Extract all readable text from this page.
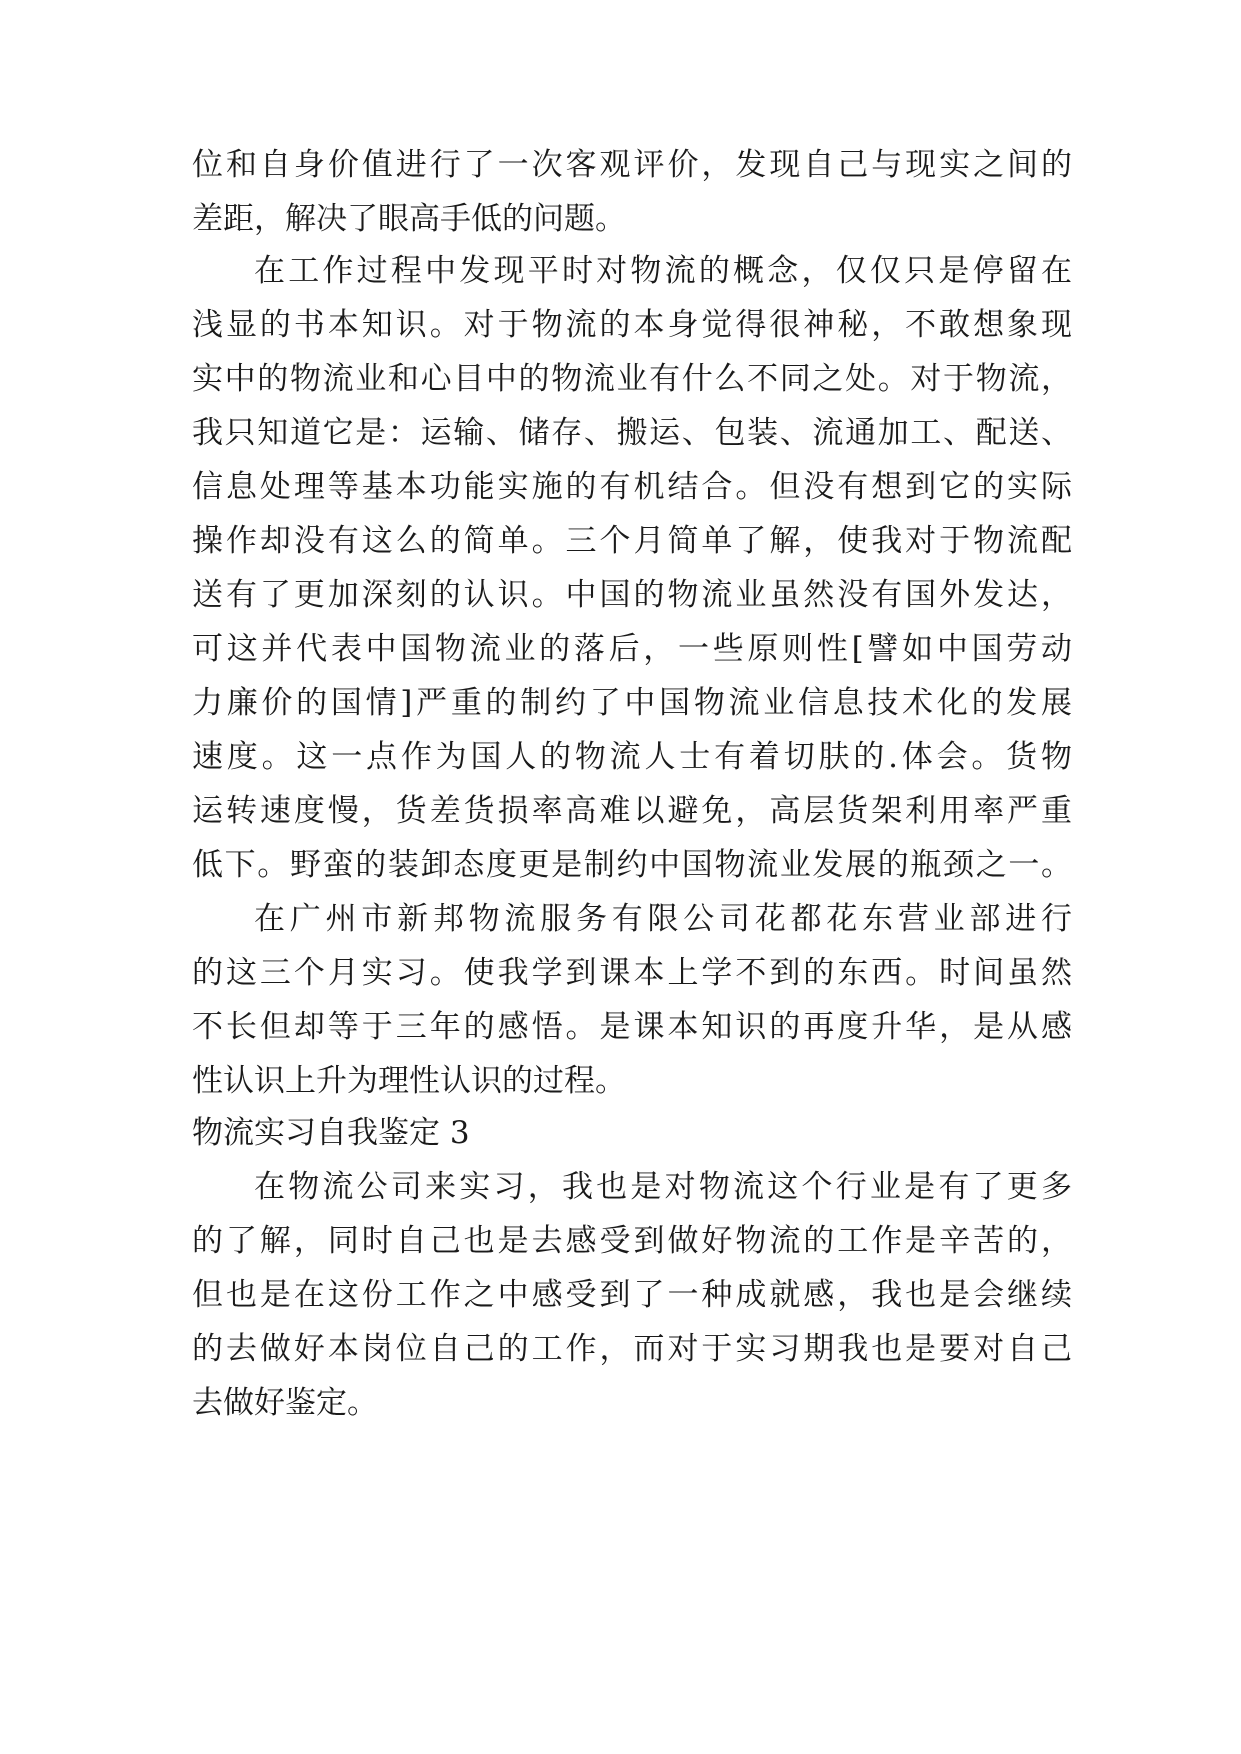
位和自身价值进行了一次客观评价，发现自己与现实之间的
差距，解决了眼高手低的问题。
在工作过程中发现平时对物流的概念，仅仅只是停留在
浅显的书本知识。对于物流的本身觉得很神秘，不敢想象现
实中的物流业和心目中的物流业有什么不同之处。对于物流，
我只知道它是：运输、储存、搬运、包装、流通加工、配送、
信息处理等基本功能实施的有机结合。但没有想到它的实际
操作却没有这么的简单。三个月简单了解，使我对于物流配
送有了更加深刻的认识。中国的物流业虽然没有国外发达，
可这并代表中国物流业的落后，一些原则性[譬如中国劳动
力廉价的国情]严重的制约了中国物流业信息技术化的发展
速度。这一点作为国人的物流人士有着切肤的.体会。货物
运转速度慢，货差货损率高难以避免，高层货架利用率严重
低下。野蛮的装卸态度更是制约中国物流业发展的瓶颈之一。
在广州市新邦物流服务有限公司花都花东营业部进行
的这三个月实习。使我学到课本上学不到的东西。时间虽然
不长但却等于三年的感悟。是课本知识的再度升华，是从感
性认识上升为理性认识的过程。
物流实习自我鉴定 3
在物流公司来实习，我也是对物流这个行业是有了更多
的了解，同时自己也是去感受到做好物流的工作是辛苦的，
但也是在这份工作之中感受到了一种成就感，我也是会继续
的去做好本岗位自己的工作，而对于实习期我也是要对自己
去做好鉴定。
